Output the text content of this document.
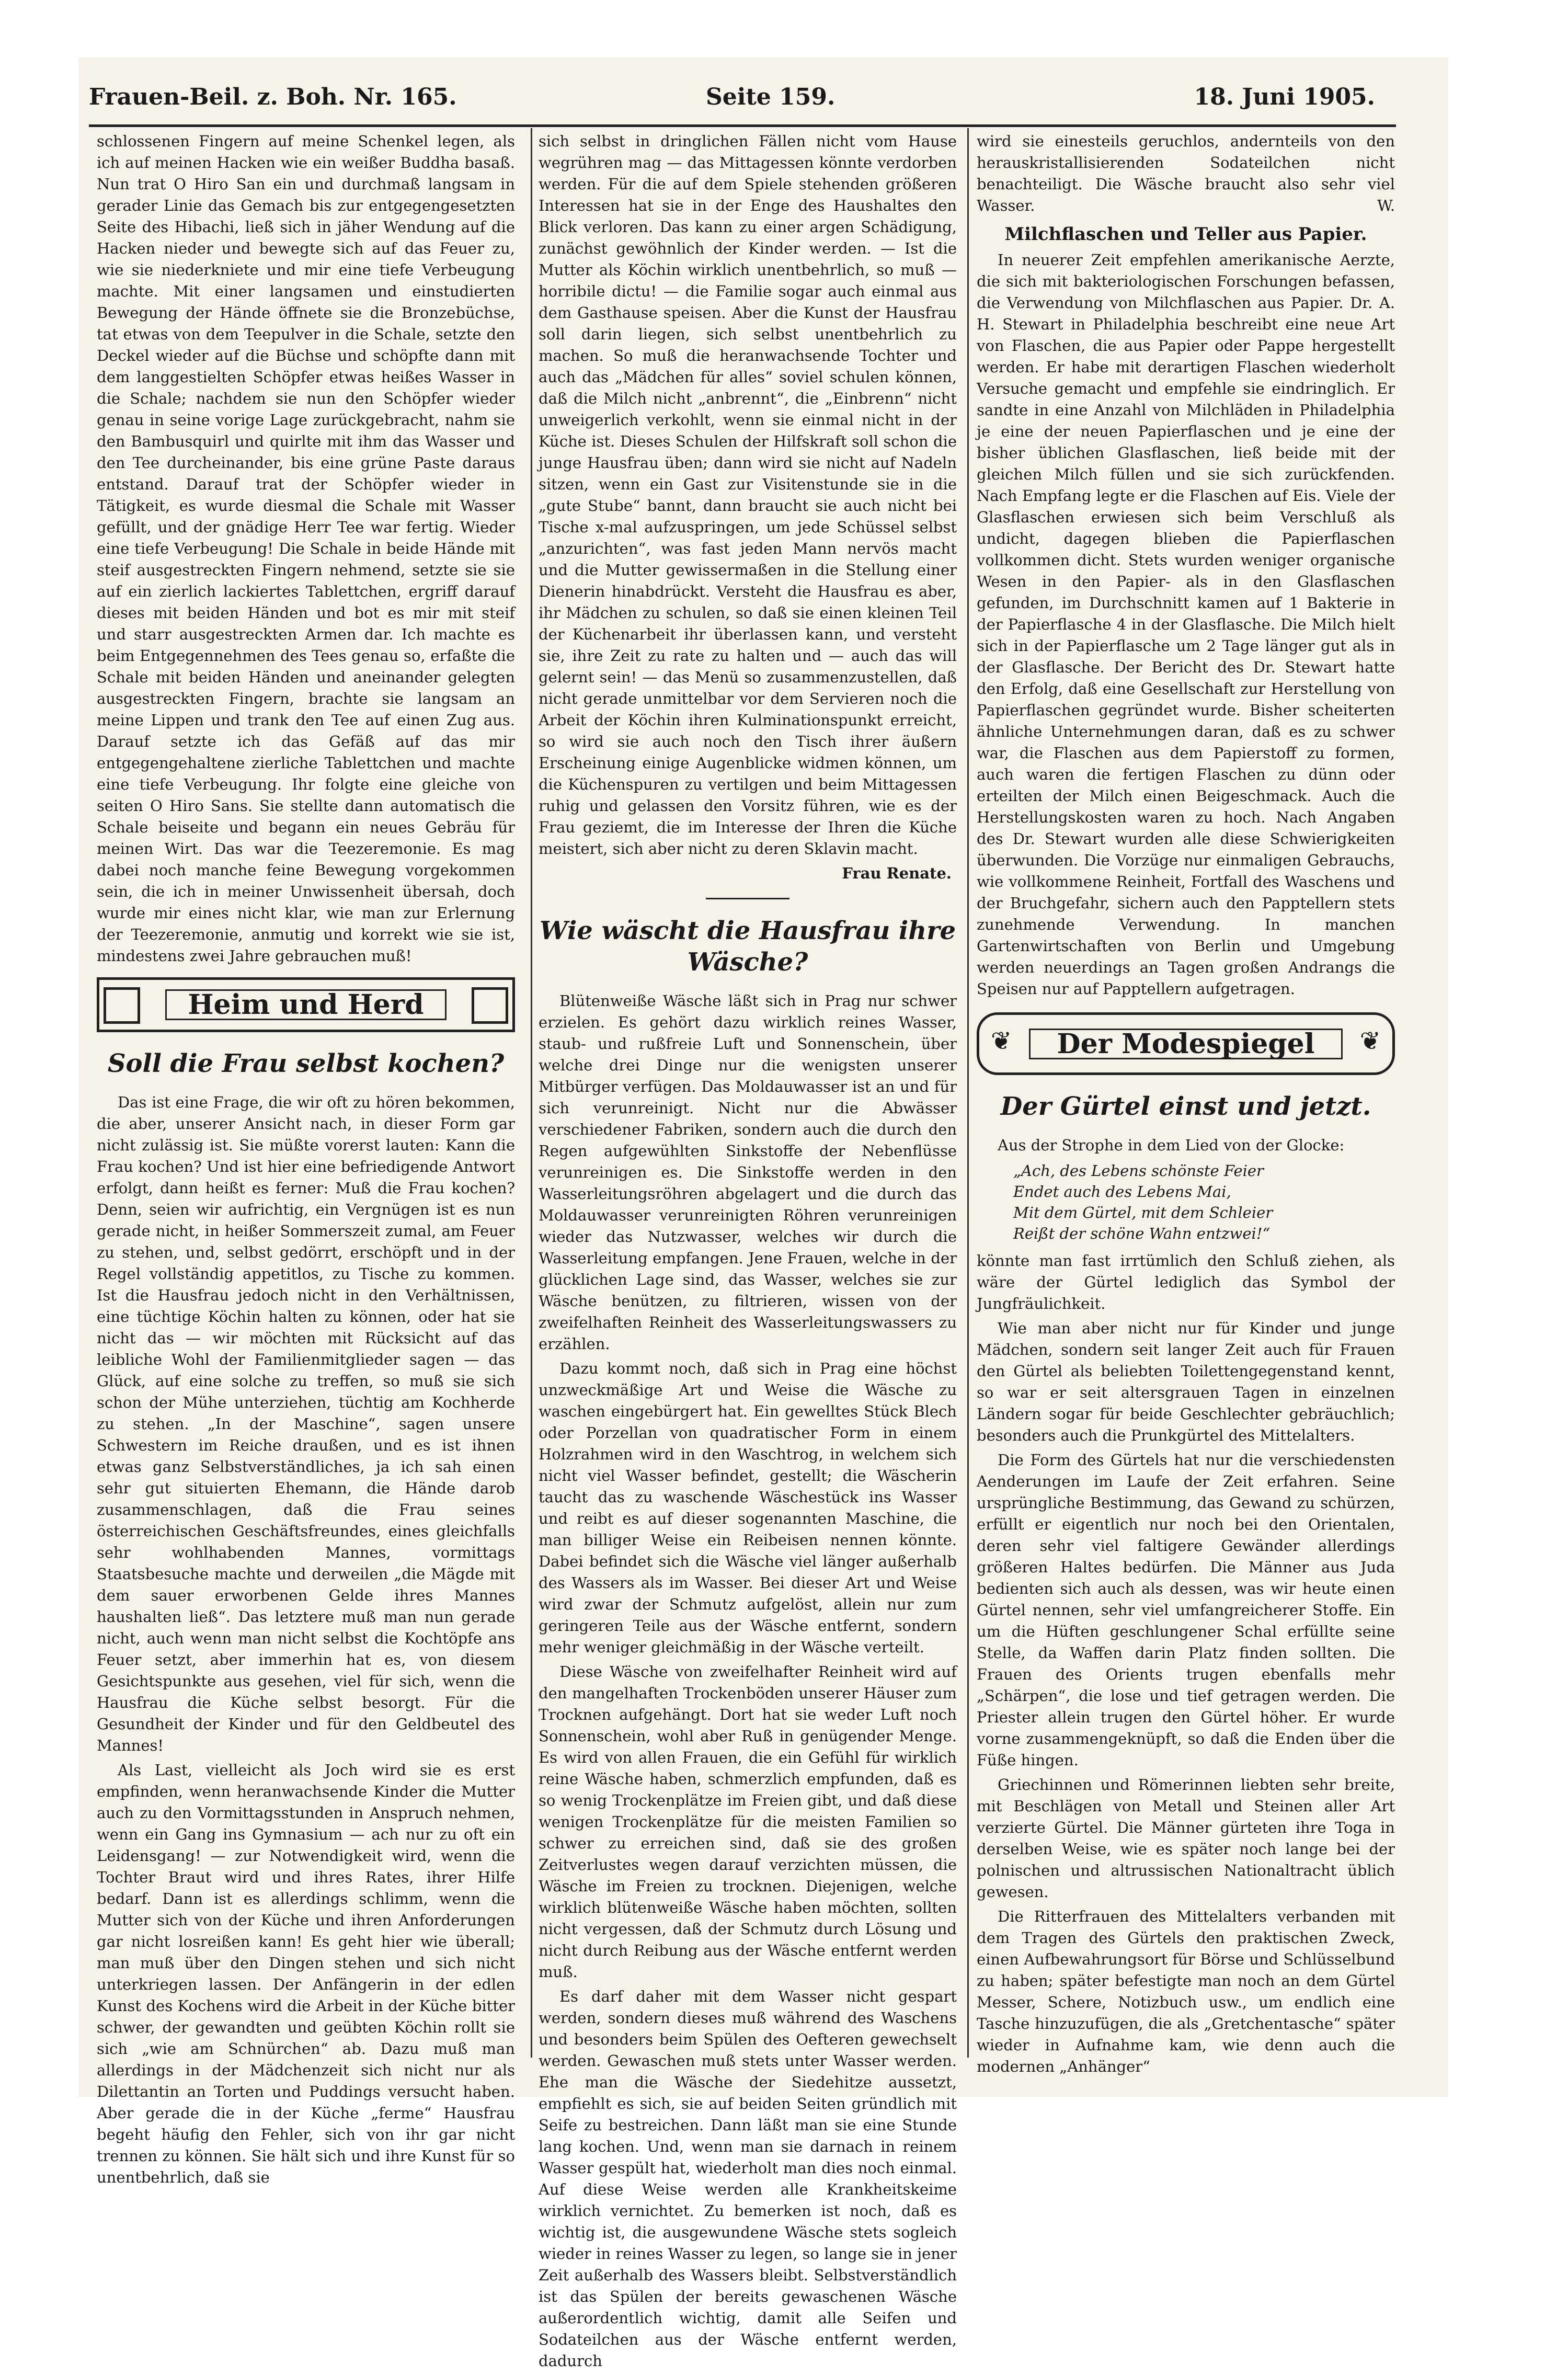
Frauen-Beil. z. Boh. Nr. 165.	Seite 159.	18. Juni 1905.

schlossenen Fingern auf meine Schenkel legen, als ich auf meinen Hacken wie ein weißer Buddha basaß. Nun trat O Hiro San ein und durchmaß langsam in gerader Linie das Gemach bis zur entgegengesetzten Seite des Hibachi, ließ sich in jäher Wendung auf die Hacken nieder und bewegte sich auf das Feuer zu, wie sie niederkniete und mir eine tiefe Verbeugung machte. Mit einer langsamen und einstudierten Bewegung der Hände öffnete sie die Bronzebüchse, tat etwas von dem Teepulver in die Schale, setzte den Deckel wieder auf die Büchse und schöpfte dann mit dem langgestielten Schöpfer etwas heißes Wasser in die Schale; nachdem sie nun den Schöpfer wieder genau in seine vorige Lage zurückgebracht, nahm sie den Bambusquirl und quirlte mit ihm das Wasser und den Tee durcheinander, bis eine grüne Paste daraus entstand. Darauf trat der Schöpfer wieder in Tätigkeit, es wurde diesmal die Schale mit Wasser gefüllt, und der gnädige Herr Tee war fertig. Wieder eine tiefe Verbeugung! Die Schale in beide Hände mit steif ausgestreckten Fingern nehmend, setzte sie sie auf ein zierlich lackiertes Tablettchen, ergriff darauf dieses mit beiden Händen und bot es mir mit steif und starr ausgestreckten Armen dar. Ich machte es beim Entgegennehmen des Tees genau so, erfaßte die Schale mit beiden Händen und aneinander gelegten ausgestreckten Fingern, brachte sie langsam an meine Lippen und trank den Tee auf einen Zug aus. Darauf setzte ich das Gefäß auf das mir entgegengehaltene zierliche Tablettchen und machte eine tiefe Verbeugung. Ihr folgte eine gleiche von seiten O Hiro Sans. Sie stellte dann automatisch die Schale beiseite und begann ein neues Gebräu für meinen Wirt. Das war die Teezeremonie. Es mag dabei noch manche feine Bewegung vorgekommen sein, die ich in meiner Unwissenheit übersah, doch wurde mir eines nicht klar, wie man zur Erlernung der Teezeremonie, anmutig und korrekt wie sie ist, mindestens zwei Jahre gebrauchen muß!

Heim und Herd
Soll die Frau selbst kochen?

Das ist eine Frage, die wir oft zu hören bekommen, die aber, unserer Ansicht nach, in dieser Form gar nicht zulässig ist. Sie müßte vorerst lauten: Kann die Frau kochen? Und ist hier eine befriedigende Antwort erfolgt, dann heißt es ferner: Muß die Frau kochen? Denn, seien wir aufrichtig, ein Vergnügen ist es nun gerade nicht, in heißer Sommerszeit zumal, am Feuer zu stehen, und, selbst gedörrt, erschöpft und in der Regel vollständig appetitlos, zu Tische zu kommen. Ist die Hausfrau jedoch nicht in den Verhältnissen, eine tüchtige Köchin halten zu können, oder hat sie nicht das — wir möchten mit Rücksicht auf das leibliche Wohl der Familienmitglieder sagen — das Glück, auf eine solche zu treffen, so muß sie sich schon der Mühe unterziehen, tüchtig am Kochherde zu stehen. „In der Maschine“, sagen unsere Schwestern im Reiche draußen, und es ist ihnen etwas ganz Selbstverständliches, ja ich sah einen sehr gut situierten Ehemann, die Hände darob zusammenschlagen, daß die Frau seines österreichischen Geschäftsfreundes, eines gleichfalls sehr wohlhabenden Mannes, vormittags Staatsbesuche machte und derweilen „die Mägde mit dem sauer erworbenen Gelde ihres Mannes haushalten ließ“. Das letztere muß man nun gerade nicht, auch wenn man nicht selbst die Kochtöpfe ans Feuer setzt, aber immerhin hat es, von diesem Gesichtspunkte aus gesehen, viel für sich, wenn die Hausfrau die Küche selbst besorgt. Für die Gesundheit der Kinder und für den Geldbeutel des Mannes!

Als Last, vielleicht als Joch wird sie es erst empfinden, wenn heranwachsende Kinder die Mutter auch zu den Vormittagsstunden in Anspruch nehmen, wenn ein Gang ins Gymnasium — ach nur zu oft ein Leidensgang! — zur Notwendigkeit wird, wenn die Tochter Braut wird und ihres Rates, ihrer Hilfe bedarf. Dann ist es allerdings schlimm, wenn die Mutter sich von der Küche und ihren Anforderungen gar nicht losreißen kann! Es geht hier wie überall; man muß über den Dingen stehen und sich nicht unterkriegen lassen. Der Anfängerin in der edlen Kunst des Kochens wird die Arbeit in der Küche bitter schwer, der gewandten und geübten Köchin rollt sie sich „wie am Schnürchen“ ab. Dazu muß man allerdings in der Mädchenzeit sich nicht nur als Dilettantin an Torten und Puddings versucht haben. Aber gerade die in der Küche „ferme“ Hausfrau begeht häufig den Fehler, sich von ihr gar nicht trennen zu können. Sie hält sich und ihre Kunst für so unentbehrlich, daß sie

sich selbst in dringlichen Fällen nicht vom Hause wegrühren mag — das Mittagessen könnte verdorben werden. Für die auf dem Spiele stehenden größeren Interessen hat sie in der Enge des Haushaltes den Blick verloren. Das kann zu einer argen Schädigung, zunächst gewöhnlich der Kinder werden. — Ist die Mutter als Köchin wirklich unentbehrlich, so muß — horribile dictu! — die Familie sogar auch einmal aus dem Gasthause speisen. Aber die Kunst der Hausfrau soll darin liegen, sich selbst unentbehrlich zu machen. So muß die heranwachsende Tochter und auch das „Mädchen für alles“ soviel schulen können, daß die Milch nicht „anbrennt“, die „Einbrenn“ nicht unweigerlich verkohlt, wenn sie einmal nicht in der Küche ist. Dieses Schulen der Hilfskraft soll schon die junge Hausfrau üben; dann wird sie nicht auf Nadeln sitzen, wenn ein Gast zur Visitenstunde sie in die „gute Stube“ bannt, dann braucht sie auch nicht bei Tische x-mal aufzuspringen, um jede Schüssel selbst „anzurichten“, was fast jeden Mann nervös macht und die Mutter gewissermaßen in die Stellung einer Dienerin hinabdrückt. Versteht die Hausfrau es aber, ihr Mädchen zu schulen, so daß sie einen kleinen Teil der Küchenarbeit ihr überlassen kann, und versteht sie, ihre Zeit zu rate zu halten und — auch das will gelernt sein! — das Menü so zusammenzustellen, daß nicht gerade unmittelbar vor dem Servieren noch die Arbeit der Köchin ihren Kulminationspunkt erreicht, so wird sie auch noch den Tisch ihrer äußern Erscheinung einige Augenblicke widmen können, um die Küchenspuren zu vertilgen und beim Mittagessen ruhig und gelassen den Vorsitz führen, wie es der Frau geziemt, die im Interesse der Ihren die Küche meistert, sich aber nicht zu deren Sklavin macht.

Frau Renate.
Wie wäscht die Hausfrau ihre Wäsche?

Blütenweiße Wäsche läßt sich in Prag nur schwer erzielen. Es gehört dazu wirklich reines Wasser, staub- und rußfreie Luft und Sonnenschein, über welche drei Dinge nur die wenigsten unserer Mitbürger verfügen. Das Moldauwasser ist an und für sich verunreinigt. Nicht nur die Abwässer verschiedener Fabriken, sondern auch die durch den Regen aufgewühlten Sinkstoffe der Nebenflüsse verunreinigen es. Die Sinkstoffe werden in den Wasserleitungsröhren abgelagert und die durch das Moldauwasser verunreinigten Röhren verunreinigen wieder das Nutzwasser, welches wir durch die Wasserleitung empfangen. Jene Frauen, welche in der glücklichen Lage sind, das Wasser, welches sie zur Wäsche benützen, zu filtrieren, wissen von der zweifelhaften Reinheit des Wasserleitungswassers zu erzählen.

Dazu kommt noch, daß sich in Prag eine höchst unzweckmäßige Art und Weise die Wäsche zu waschen eingebürgert hat. Ein gewelltes Stück Blech oder Porzellan von quadratischer Form in einem Holzrahmen wird in den Waschtrog, in welchem sich nicht viel Wasser befindet, gestellt; die Wäscherin taucht das zu waschende Wäschestück ins Wasser und reibt es auf dieser sogenannten Maschine, die man billiger Weise ein Reibeisen nennen könnte. Dabei befindet sich die Wäsche viel länger außerhalb des Wassers als im Wasser. Bei dieser Art und Weise wird zwar der Schmutz aufgelöst, allein nur zum geringeren Teile aus der Wäsche entfernt, sondern mehr weniger gleichmäßig in der Wäsche verteilt.

Diese Wäsche von zweifelhafter Reinheit wird auf den mangelhaften Trockenböden unserer Häuser zum Trocknen aufgehängt. Dort hat sie weder Luft noch Sonnenschein, wohl aber Ruß in genügender Menge. Es wird von allen Frauen, die ein Gefühl für wirklich reine Wäsche haben, schmerzlich empfunden, daß es so wenig Trockenplätze im Freien gibt, und daß diese wenigen Trockenplätze für die meisten Familien so schwer zu erreichen sind, daß sie des großen Zeitverlustes wegen darauf verzichten müssen, die Wäsche im Freien zu trocknen. Diejenigen, welche wirklich blütenweiße Wäsche haben möchten, sollten nicht vergessen, daß der Schmutz durch Lösung und nicht durch Reibung aus der Wäsche entfernt werden muß.

Es darf daher mit dem Wasser nicht gespart werden, sondern dieses muß während des Waschens und besonders beim Spülen des Oefteren gewechselt werden. Gewaschen muß stets unter Wasser werden. Ehe man die Wäsche der Siedehitze aussetzt, empfiehlt es sich, sie auf beiden Seiten gründlich mit Seife zu bestreichen. Dann läßt man sie eine Stunde lang kochen. Und, wenn man sie darnach in reinem Wasser gespült hat, wiederholt man dies noch einmal. Auf diese Weise werden alle Krankheitskeime wirklich vernichtet. Zu bemerken ist noch, daß es wichtig ist, die ausgewundene Wäsche stets sogleich wieder in reines Wasser zu legen, so lange sie in jener Zeit außerhalb des Wassers bleibt. Selbstverständlich ist das Spülen der bereits gewaschenen Wäsche außerordentlich wichtig, damit alle Seifen und Sodateilchen aus der Wäsche entfernt werden, dadurch

wird sie einesteils geruchlos, andernteils von den herauskristallisierenden Sodateilchen nicht benachteiligt. Die Wäsche braucht also sehr viel Wasser.	W.

Milchflaschen und Teller aus Papier.

In neuerer Zeit empfehlen amerikanische Aerzte, die sich mit bakteriologischen Forschungen befassen, die Verwendung von Milchflaschen aus Papier. Dr. A. H. Stewart in Philadelphia beschreibt eine neue Art von Flaschen, die aus Papier oder Pappe hergestellt werden. Er habe mit derartigen Flaschen wiederholt Versuche gemacht und empfehle sie eindringlich. Er sandte in eine Anzahl von Milchläden in Philadelphia je eine der neuen Papierflaschen und je eine der bisher üblichen Glasflaschen, ließ beide mit der gleichen Milch füllen und sie sich zurückfenden. Nach Empfang legte er die Flaschen auf Eis. Viele der Glasflaschen erwiesen sich beim Verschluß als undicht, dagegen blieben die Papierflaschen vollkommen dicht. Stets wurden weniger organische Wesen in den Papier- als in den Glasflaschen gefunden, im Durchschnitt kamen auf 1 Bakterie in der Papierflasche 4 in der Glasflasche. Die Milch hielt sich in der Papierflasche um 2 Tage länger gut als in der Glasflasche. Der Bericht des Dr. Stewart hatte den Erfolg, daß eine Gesellschaft zur Herstellung von Papierflaschen gegründet wurde. Bisher scheiterten ähnliche Unternehmungen daran, daß es zu schwer war, die Flaschen aus dem Papierstoff zu formen, auch waren die fertigen Flaschen zu dünn oder erteilten der Milch einen Beigeschmack. Auch die Herstellungskosten waren zu hoch. Nach Angaben des Dr. Stewart wurden alle diese Schwierigkeiten überwunden. Die Vorzüge nur einmaligen Gebrauchs, wie vollkommene Reinheit, Fortfall des Waschens und der Bruchgefahr, sichern auch den Papptellern stets zunehmende Verwendung. In manchen Gartenwirtschaften von Berlin und Umgebung werden neuerdings an Tagen großen Andrangs die Speisen nur auf Papptellern aufgetragen.

❦	Der Modespiegel	❦
Der Gürtel einst und jetzt.

Aus der Strophe in dem Lied von der Glocke:

„Ach, des Lebens schönste Feier
Endet auch des Lebens Mai,
Mit dem Gürtel, mit dem Schleier
Reißt der schöne Wahn entzwei!“

könnte man fast irrtümlich den Schluß ziehen, als wäre der Gürtel lediglich das Symbol der Jungfräulichkeit.

Wie man aber nicht nur für Kinder und junge Mädchen, sondern seit langer Zeit auch für Frauen den Gürtel als beliebten Toilettengegenstand kennt, so war er seit altersgrauen Tagen in einzelnen Ländern sogar für beide Geschlechter gebräuchlich; besonders auch die Prunkgürtel des Mittelalters.

Die Form des Gürtels hat nur die verschiedensten Aenderungen im Laufe der Zeit erfahren. Seine ursprüngliche Bestimmung, das Gewand zu schürzen, erfüllt er eigentlich nur noch bei den Orientalen, deren sehr viel faltigere Gewänder allerdings größeren Haltes bedürfen. Die Männer aus Juda bedienten sich auch als dessen, was wir heute einen Gürtel nennen, sehr viel umfangreicherer Stoffe. Ein um die Hüften geschlungener Schal erfüllte seine Stelle, da Waffen darin Platz finden sollten. Die Frauen des Orients trugen ebenfalls mehr „Schärpen“, die lose und tief getragen werden. Die Priester allein trugen den Gürtel höher. Er wurde vorne zusammengeknüpft, so daß die Enden über die Füße hingen.

Griechinnen und Römerinnen liebten sehr breite, mit Beschlägen von Metall und Steinen aller Art verzierte Gürtel. Die Männer gürteten ihre Toga in derselben Weise, wie es später noch lange bei der polnischen und altrussischen Nationaltracht üblich gewesen.

Die Ritterfrauen des Mittelalters verbanden mit dem Tragen des Gürtels den praktischen Zweck, einen Aufbewahrungsort für Börse und Schlüsselbund zu haben; später befestigte man noch an dem Gürtel Messer, Schere, Notizbuch usw., um endlich eine Tasche hinzuzufügen, die als „Gretchentasche“ später wieder in Aufnahme kam, wie denn auch die modernen „Anhänger“
